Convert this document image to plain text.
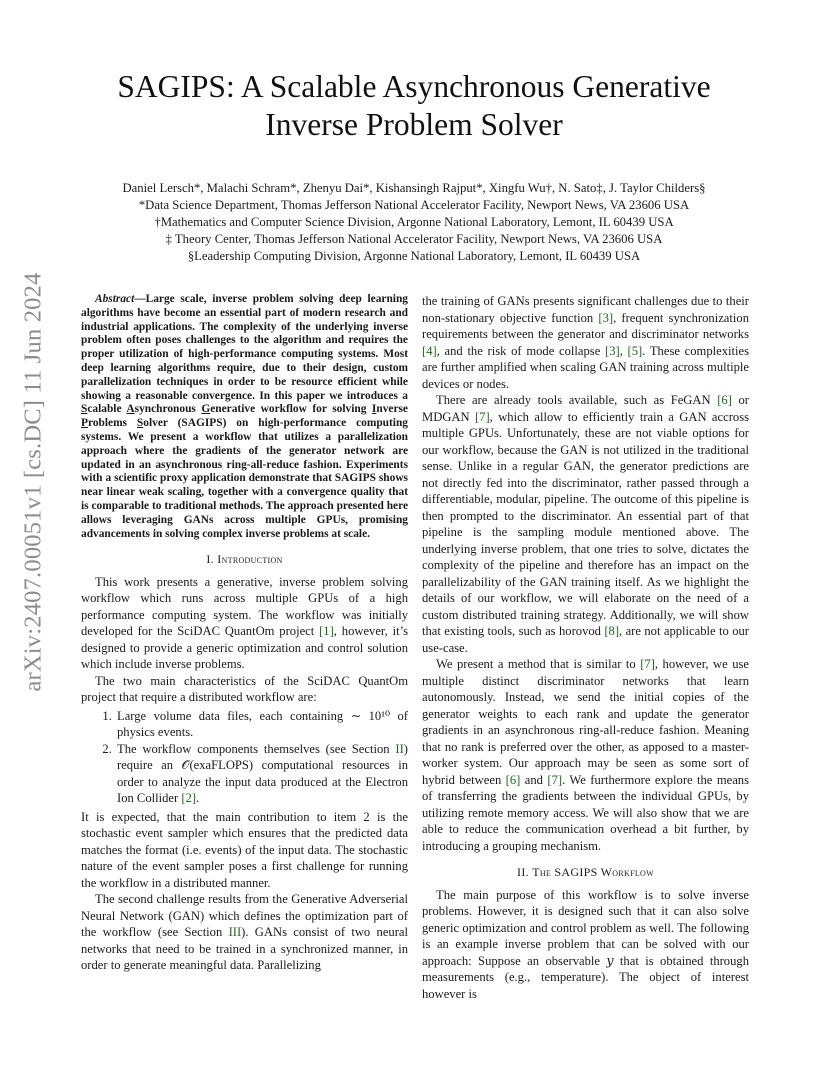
arXiv:2407.00051v1 [cs.DC] 11 Jun 2024
SAGIPS: A Scalable Asynchronous Generative
Inverse Problem Solver
Daniel Lersch*, Malachi Schram*, Zhenyu Dai*, Kishansingh Rajput*, Xingfu Wu†, N. Sato‡, J. Taylor Childers§
*Data Science Department, Thomas Jefferson National Accelerator Facility, Newport News, VA 23606 USA
†Mathematics and Computer Science Division, Argonne National Laboratory, Lemont, IL 60439 USA
‡ Theory Center, Thomas Jefferson National Accelerator Facility, Newport News, VA 23606 USA
§Leadership Computing Division, Argonne National Laboratory, Lemont, IL 60439 USA

Abstract—Large scale, inverse problem solving deep learning algorithms have become an essential part of modern research and industrial applications. The complexity of the underlying inverse problem often poses challenges to the algorithm and requires the proper utilization of high-performance computing systems. Most deep learning algorithms require, due to their design, custom parallelization techniques in order to be resource efficient while showing a reasonable convergence. In this paper we introduces a Scalable Asynchronous Generative workflow for solving Inverse Problems Solver (SAGIPS) on high-performance computing systems. We present a workflow that utilizes a parallelization approach where the gradients of the generator network are updated in an asynchronous ring-all-reduce fashion. Experiments with a scientific proxy application demonstrate that SAGIPS shows near linear weak scaling, together with a convergence quality that is comparable to traditional methods. The approach presented here allows leveraging GANs across multiple GPUs, promising advancements in solving complex inverse problems at scale.

I. Introduction

This work presents a generative, inverse problem solving workflow which runs across multiple GPUs of a high performance computing system. The workflow was initially developed for the SciDAC QuantOm project [1], however, it’s designed to provide a generic optimization and control solution which include inverse problems.

The two main characteristics of the SciDAC QuantOm project that require a distributed workflow are:

1. Large volume data files, each containing ∼ 10¹⁰ of physics events.
2. The workflow components themselves (see Section II) require an 𝒪(exaFLOPS) computational resources in order to analyze the input data produced at the Electron Ion Collider [2].

It is expected, that the main contribution to item 2 is the stochastic event sampler which ensures that the predicted data matches the format (i.e. events) of the input data. The stochastic nature of the event sampler poses a first challenge for running the workflow in a distributed manner.

The second challenge results from the Generative Adverserial Neural Network (GAN) which defines the optimization part of the workflow (see Section III). GANs consist of two neural networks that need to be trained in a synchronized manner, in order to generate meaningful data. Parallelizing

the training of GANs presents significant challenges due to their non-stationary objective function [3], frequent synchronization requirements between the generator and discriminator networks [4], and the risk of mode collapse [3], [5]. These complexities are further amplified when scaling GAN training across multiple devices or nodes.

There are already tools available, such as FeGAN [6] or MDGAN [7], which allow to efficiently train a GAN accross multiple GPUs. Unfortunately, these are not viable options for our workflow, because the GAN is not utilized in the traditional sense. Unlike in a regular GAN, the generator predictions are not directly fed into the discriminator, rather passed through a differentiable, modular, pipeline. The outcome of this pipeline is then prompted to the discriminator. An essential part of that pipeline is the sampling module mentioned above. The underlying inverse problem, that one tries to solve, dictates the complexity of the pipeline and therefore has an impact on the parallelizability of the GAN training itself. As we highlight the details of our workflow, we will elaborate on the need of a custom distributed training strategy. Additionally, we will show that existing tools, such as horovod [8], are not applicable to our use-case.

We present a method that is similar to [7], however, we use multiple distinct discriminator networks that learn autonomously. Instead, we send the initial copies of the generator weights to each rank and update the generator gradients in an asynchronous ring-all-reduce fashion. Meaning that no rank is preferred over the other, as apposed to a master-worker system. Our approach may be seen as some sort of hybrid between [6] and [7]. We furthermore explore the means of transferring the gradients between the individual GPUs, by utilizing remote memory access. We will also show that we are able to reduce the communication overhead a bit further, by introducing a grouping mechanism.

II. The SAGIPS Workflow

The main purpose of this workflow is to solve inverse problems. However, it is designed such that it can also solve generic optimization and control problem as well. The following is an example inverse problem that can be solved with our approach: Suppose an observable 𝑦 that is obtained through measurements (e.g., temperature). The object of interest however is
